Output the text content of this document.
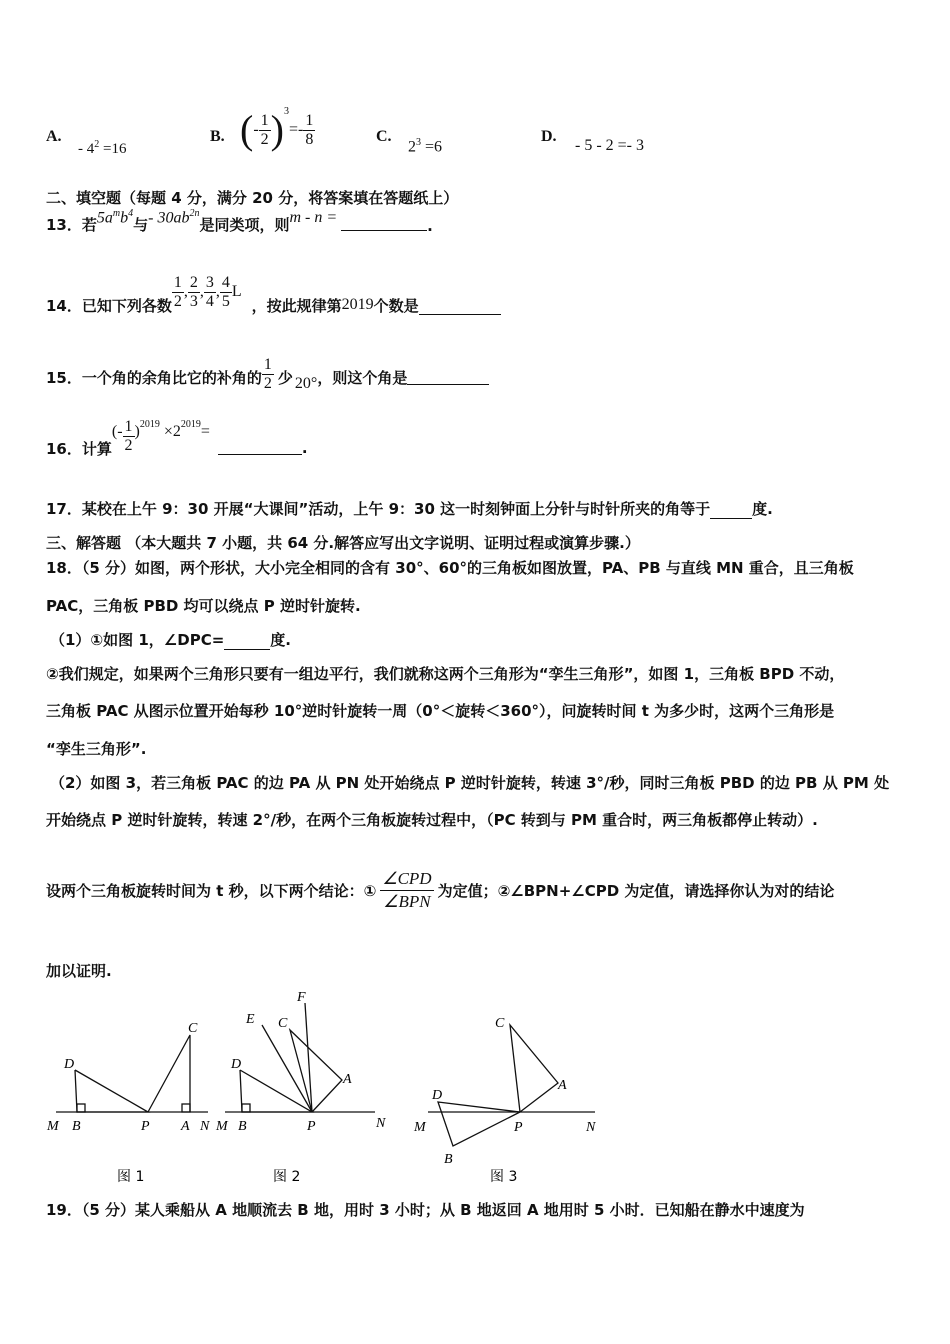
A.
- $4^2 =16$
B. ( - $\frac{1}{2} )^3$
=- $\frac{1}{8}$	C.
$2^3 =6$
D.
- 5 - 2 =- 3
二、填空题（每题 4 分，满分 20 分，将答案填在答题纸上）
13．若 $5a^mb^4$
与 - $30ab^{2n}$
是同类项，则 m - n =	.
14．已知下列各数 $\frac{1}{2}$ , $\frac{2}{3}$ , $\frac{3}{4}$ , $\frac{4}{5}$ L
，按此规律第 2019 个数是
15．一个角的余角比它的补角的 $\frac{1}{2}$ 少 20° ，则这个角是
16．计算
(- $\frac{1}{2}$ ) 2019 ×2 2019 =
.
17．某校在上午 9：30 开展“大课间”活动，上午 9：30 这一时刻钟面上分针与时针所夹的角等于	度.
三、解答题 （本大题共 7 小题，共 64 分.解答应写出文字说明、证明过程或演算步骤.）
18．（5 分）如图，两个形状，大小完全相同的含有 30°、60°的三角板如图放置，PA、PB 与直线 MN 重合，且三角板
PAC，三角板 PBD 均可以绕点 P 逆时针旋转.
（1）①如图 1，∠DPC=	度.
②我们规定，如果两个三角形只要有一组边平行，我们就称这两个三角形为“孪生三角形”，如图 1，三角板 BPD 不动，
三角板 PAC 从图示位置开始每秒 10°逆时针旋转一周（0°＜旋转＜360°），问旋转时间 t 为多少时，这两个三角形是
“孪生三角形”.
（2）如图 3，若三角板 PAC 的边 PA 从 PN 处开始绕点 P 逆时针旋转，转速 3°/秒，同时三角板 PBD 的边 PB 从 PM 处
开始绕点 P 逆时针旋转，转速 2°/秒，在两个三角板旋转过程中，（PC 转到与 PM 重合时，两三角板都停止转动）.
设两个三角板旋转时间为 t 秒，以下两个结论：① $\frac{\text{∠CPD}}{\text{∠BPN}}$ 为定值；②∠BPN+∠CPD 为定值，请选择你认为对的结论
加以证明.
D
C
M B	P A N
图 1
F
E C
D
A
M B	P	N
图 2
C
A
D
M	P	N
B
图 3
19．（5 分）某人乘船从 A 地顺流去 B 地，用时 3 小时；从 B 地返回 A 地用时 5 小时．已知船在静水中速度为
